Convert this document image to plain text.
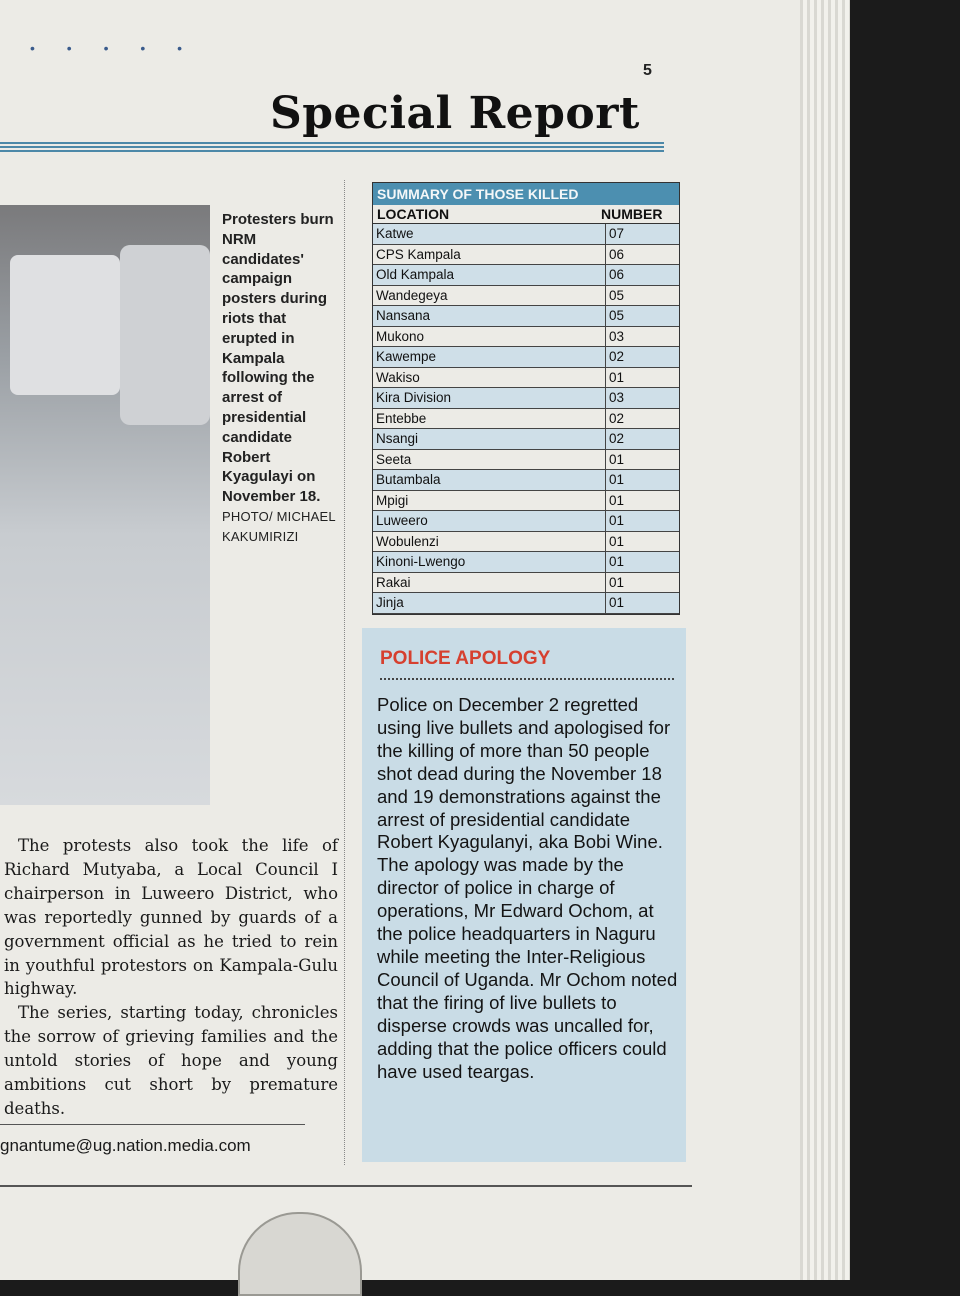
• • • • •
5
Special Report
Protesters burn NRM candidates' campaign posters during riots that erupted in Kampala following the arrest of presidential candidate Robert Kyagulayi on November 18. PHOTO/ MICHAEL KAKUMIRIZI

The protests also took the life of Richard Mutyaba, a Local Council I chairperson in Luweero District, who was reportedly gunned by guards of a government official as he tried to rein in youthful protestors on Kampala-Gulu highway.

The series, starting today, chronicles the sorrow of grieving families and the untold stories of hope and young ambitions cut short by premature deaths.

gnantume@ug.nation.media.com
SUMMARY OF THOSE KILLED
LOCATION	NUMBER
Katwe	07
CPS Kampala	06
Old Kampala	06
Wandegeya	05
Nansana	05
Mukono	03
Kawempe	02
Wakiso	01
Kira Division	03
Entebbe	02
Nsangi	02
Seeta	01
Butambala	01
Mpigi	01
Luweero	01
Wobulenzi	01
Kinoni-Lwengo	01
Rakai	01
Jinja	01
POLICE APOLOGY
Police on December 2 regretted using live bullets and apologised for the killing of more than 50 people shot dead during the November 18 and 19 demonstrations against the arrest of presidential candidate Robert Kyagulanyi, aka Bobi Wine. The apology was made by the director of police in charge of operations, Mr Edward Ochom, at the police headquarters in Naguru while meeting the Inter-Religious Council of Uganda. Mr Ochom noted that the firing of live bullets to disperse crowds was uncalled for, adding that the police officers could have used teargas.
